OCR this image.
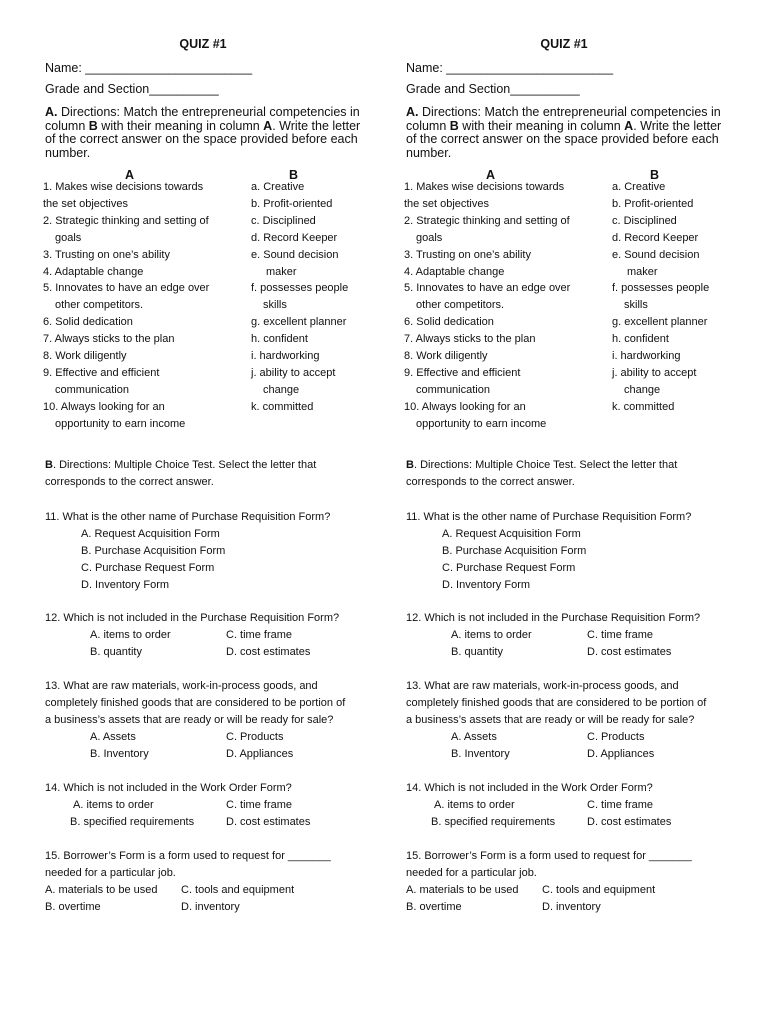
QUIZ #1
Name: ________________________
Grade and Section__________
A. Directions: Match the entrepreneurial competencies in column B with their meaning in column A. Write the letter of the correct answer on the space provided before each number.
A	B
1. Makes wise decisions towards
the set objectives
2. Strategic thinking and setting of
goals
3. Trusting on one’s ability
4. Adaptable change
5. Innovates to have an edge over
other competitors.
6. Solid dedication
7. Always sticks to the plan
8. Work diligently
9. Effective and efficient
communication
10. Always looking for an
opportunity to earn income
a. Creative
b. Profit-oriented
c. Disciplined
d. Record Keeper
e. Sound decision
maker
f. possesses people
skills
g. excellent planner
h. confident
i. hardworking
j. ability to accept
change
k. committed
B. Directions: Multiple Choice Test. Select the letter that
corresponds to the correct answer.
11. What is the other name of Purchase Requisition Form?
A. Request Acquisition Form
B. Purchase Acquisition Form
C. Purchase Request Form
D. Inventory Form
12. Which is not included in the Purchase Requisition Form?
A. items to order	C. time frame
B. quantity	D. cost estimates
13. What are raw materials, work-in-process goods, and
completely finished goods that are considered to be portion of
a business’s assets that are ready or will be ready for sale?
A. Assets	C. Products
B. Inventory	D. Appliances
14. Which is not included in the Work Order Form?
A. items to order	C. time frame
B. specified requirements	D. cost estimates
15. Borrower’s Form is a form used to request for _______
needed for a particular job.
A. materials to be used C. tools and equipment
B. overtime	D. inventory
QUIZ #1
Name: ________________________
Grade and Section__________
A. Directions: Match the entrepreneurial competencies in column B with their meaning in column A. Write the letter of the correct answer on the space provided before each number.
A	B
1. Makes wise decisions towards
the set objectives
2. Strategic thinking and setting of
goals
3. Trusting on one’s ability
4. Adaptable change
5. Innovates to have an edge over
other competitors.
6. Solid dedication
7. Always sticks to the plan
8. Work diligently
9. Effective and efficient
communication
10. Always looking for an
opportunity to earn income
a. Creative
b. Profit-oriented
c. Disciplined
d. Record Keeper
e. Sound decision
maker
f. possesses people
skills
g. excellent planner
h. confident
i. hardworking
j. ability to accept
change
k. committed
B. Directions: Multiple Choice Test. Select the letter that
corresponds to the correct answer.
11. What is the other name of Purchase Requisition Form?
A. Request Acquisition Form
B. Purchase Acquisition Form
C. Purchase Request Form
D. Inventory Form
12. Which is not included in the Purchase Requisition Form?
A. items to order	C. time frame
B. quantity	D. cost estimates
13. What are raw materials, work-in-process goods, and
completely finished goods that are considered to be portion of
a business’s assets that are ready or will be ready for sale?
A. Assets	C. Products
B. Inventory	D. Appliances
14. Which is not included in the Work Order Form?
A. items to order	C. time frame
B. specified requirements	D. cost estimates
15. Borrower’s Form is a form used to request for _______
needed for a particular job.
A. materials to be used C. tools and equipment
B. overtime	D. inventory
